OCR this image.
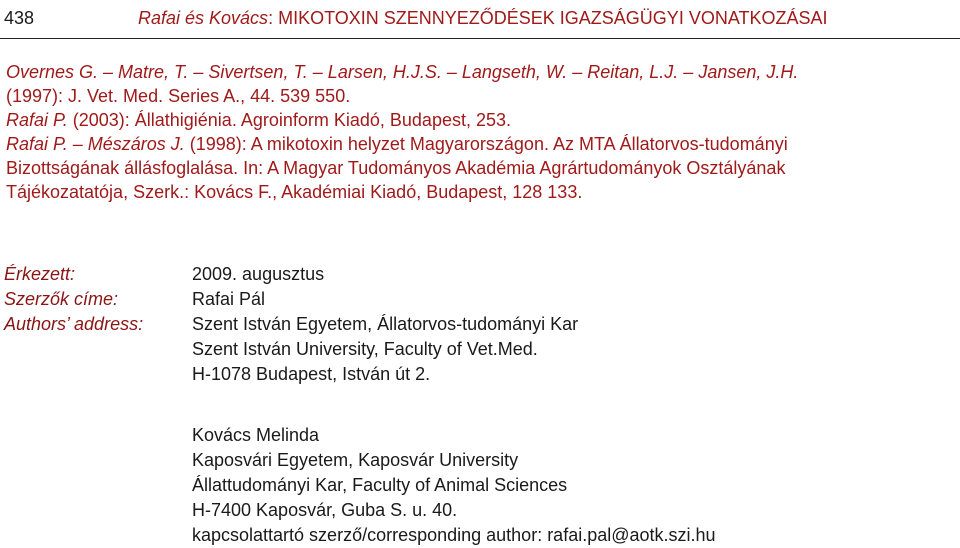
438	Rafai és Kovács: MIKOTOXIN SZENNYEZŐDÉSEK IGAZSÁGÜGYI VONATKOZÁSAI
Overnes G. – Matre, T. – Sivertsen, T. – Larsen, H.J.S. – Langseth, W. – Reitan, L.J. – Jansen, J.H.
(1997): J. Vet. Med. Series A., 44. 539 550.
Rafai P. (2003): Állathigiénia. Agroinform Kiadó, Budapest, 253.
Rafai P. – Mészáros J. (1998): A mikotoxin helyzet Magyarországon. Az MTA Állatorvos-tudományi
Bizottságának állásfoglalása. In: A Magyar Tudományos Akadémia Agrártudományok Osztályának
Tájékozatatója, Szerk.: Kovács F., Akadémiai Kiadó, Budapest, 128 133.
Érkezett:	2009. augusztus
Szerzők címe:	Rafai Pál
Authors’ address:	Szent István Egyetem, Állatorvos-tudományi Kar
Szent István University, Faculty of Vet.Med.
H-1078 Budapest, István út 2.
Kovács Melinda
Kaposvári Egyetem, Kaposvár University
Állattudományi Kar, Faculty of Animal Sciences
H-7400 Kaposvár, Guba S. u. 40.
kapcsolattartó szerző/corresponding author: rafai.pal@aotk.szi.hu
